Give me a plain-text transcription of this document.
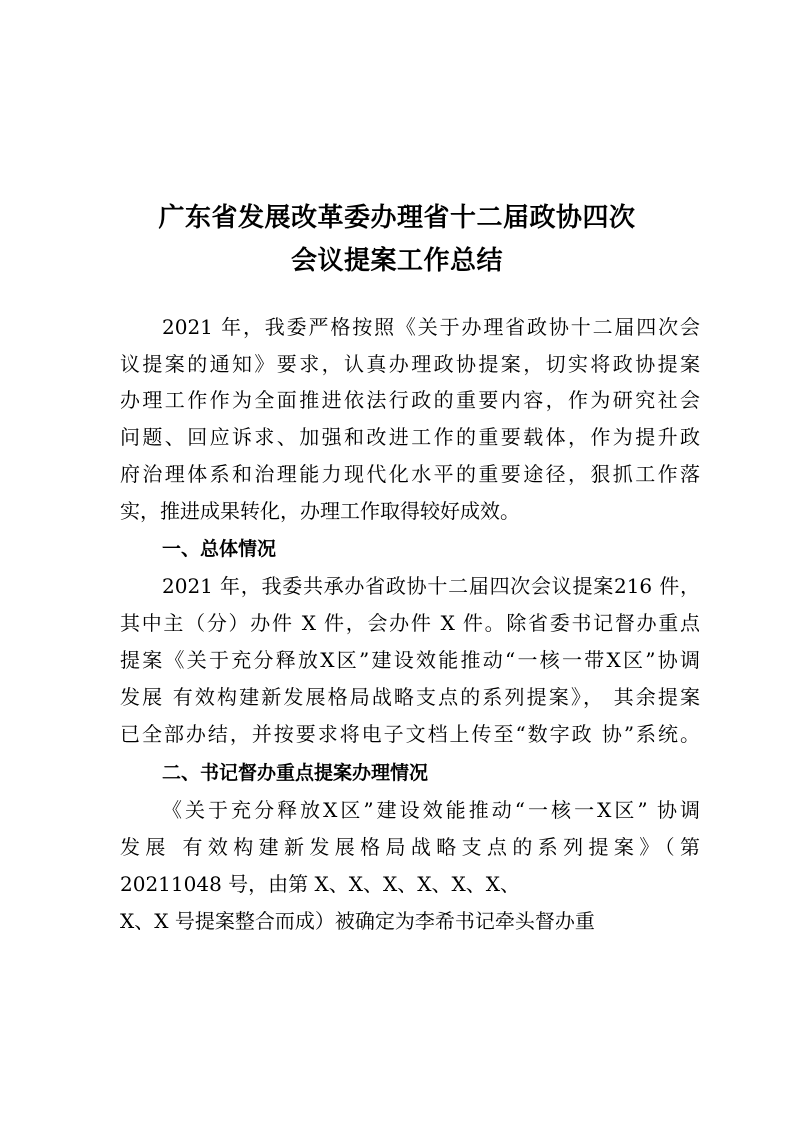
广东省发展改革委办理省十二届政协四次
会议提案工作总结
2021 年，我委严格按照《关于办理省政协十二届四次会
议提案的通知》要求，认真办理政协提案，切实将政协提案
办理工作作为全面推进依法行政的重要内容，作为研究社会
问题、回应诉求、加强和改进工作的重要载体，作为提升政
府治理体系和治理能力现代化水平的重要途径，狠抓工作落
实，推进成果转化，办理工作取得较好成效。
一、总体情况
2021 年，我委共承办省政协十二届四次会议提案216 件，
其中主（分）办件 X 件，会办件 X 件。除省委书记督办重点
提案《关于充分释放X区”建设效能推动“一核一带X区”协调
发展 有效构建新发展格局战略支点的系列提案》， 其余提案
已全部办结，并按要求将电子文档上传至“数字政 协”系统。
二、书记督办重点提案办理情况
《关于充分释放X区”建设效能推动“一核一X区” 协调
发展 有效构建新发展格局战略支点的系列提案》（第
20211048 号，由第 X、X、X、X、X、X、
X、X 号提案整合而成）被确定为李希书记牵头督办重
